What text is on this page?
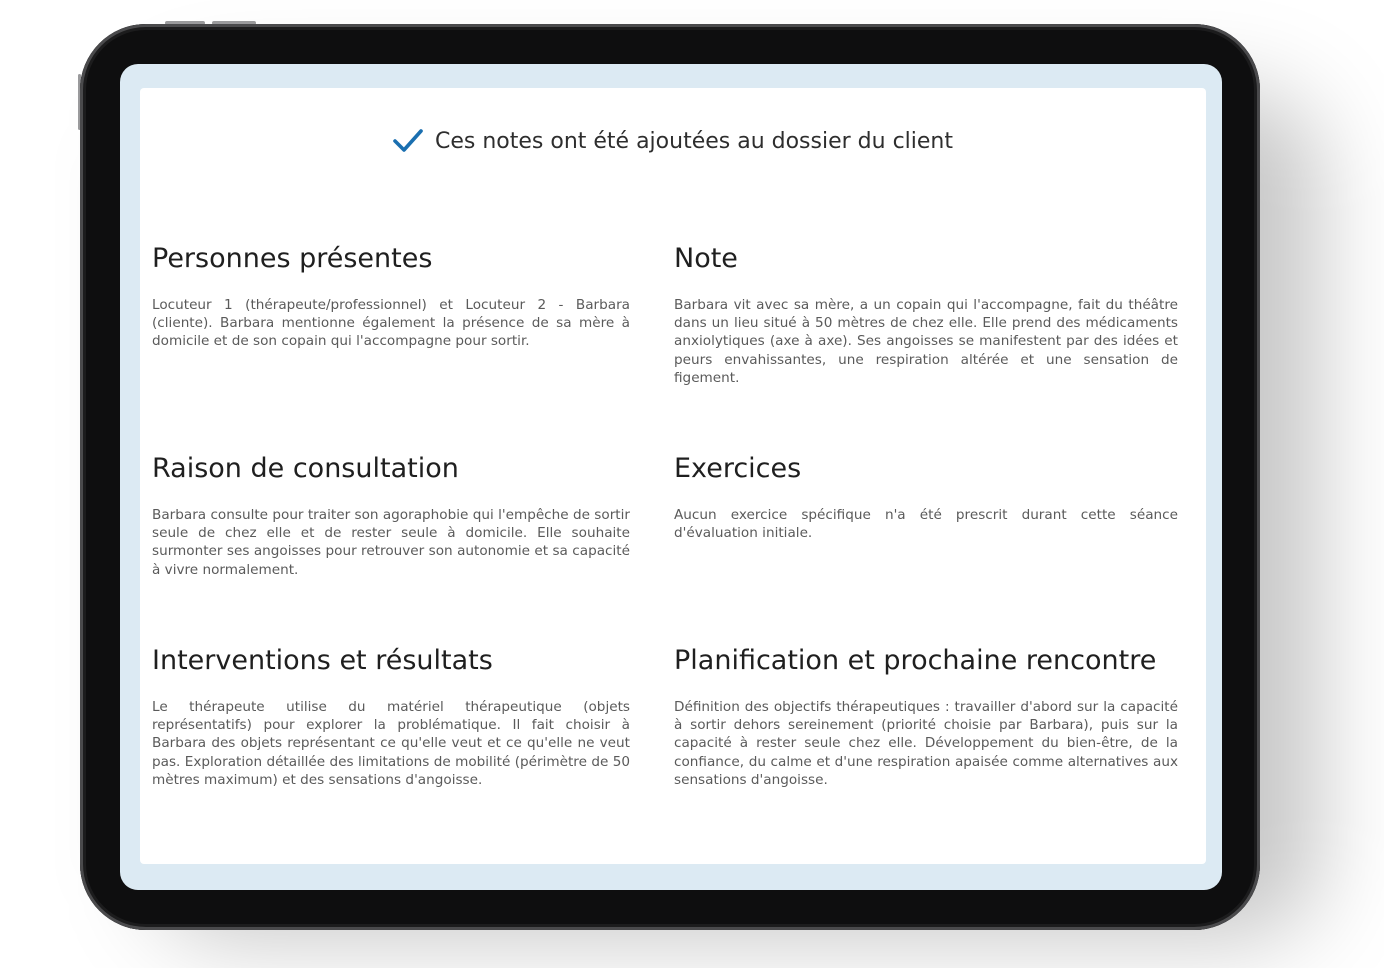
Ces notes ont été ajoutées au dossier du client
Personnes présentes

Locuteur 1 (thérapeute/professionnel) et Locuteur 2 - Barbara (cliente). Barbara mentionne également la présence de sa mère à domicile et de son copain qui l'accompagne pour sortir.

Note

Barbara vit avec sa mère, a un copain qui l'accompagne, fait du théâtre dans un lieu situé à 50 mètres de chez elle. Elle prend des médicaments anxiolytiques (axe à axe). Ses angoisses se manifestent par des idées et peurs envahissantes, une respiration altérée et une sensation de figement.

Raison de consultation

Barbara consulte pour traiter son agoraphobie qui l'empêche de sortir seule de chez elle et de rester seule à domicile. Elle souhaite surmonter ses angoisses pour retrouver son autonomie et sa capacité à vivre normalement.

Exercices

Aucun exercice spécifique n'a été prescrit durant cette séance d'évaluation initiale.

Interventions et résultats

Le thérapeute utilise du matériel thérapeutique (objets représentatifs) pour explorer la problématique. Il fait choisir à Barbara des objets représentant ce qu'elle veut et ce qu'elle ne veut pas. Exploration détaillée des limitations de mobilité (périmètre de 50 mètres maximum) et des sensations d'angoisse.

Planification et prochaine rencontre

Définition des objectifs thérapeutiques : travailler d'abord sur la capacité à sortir dehors sereinement (priorité choisie par Barbara), puis sur la capacité à rester seule chez elle. Développement du bien-être, de la confiance, du calme et d'une respiration apaisée comme alternatives aux sensations d'angoisse.
